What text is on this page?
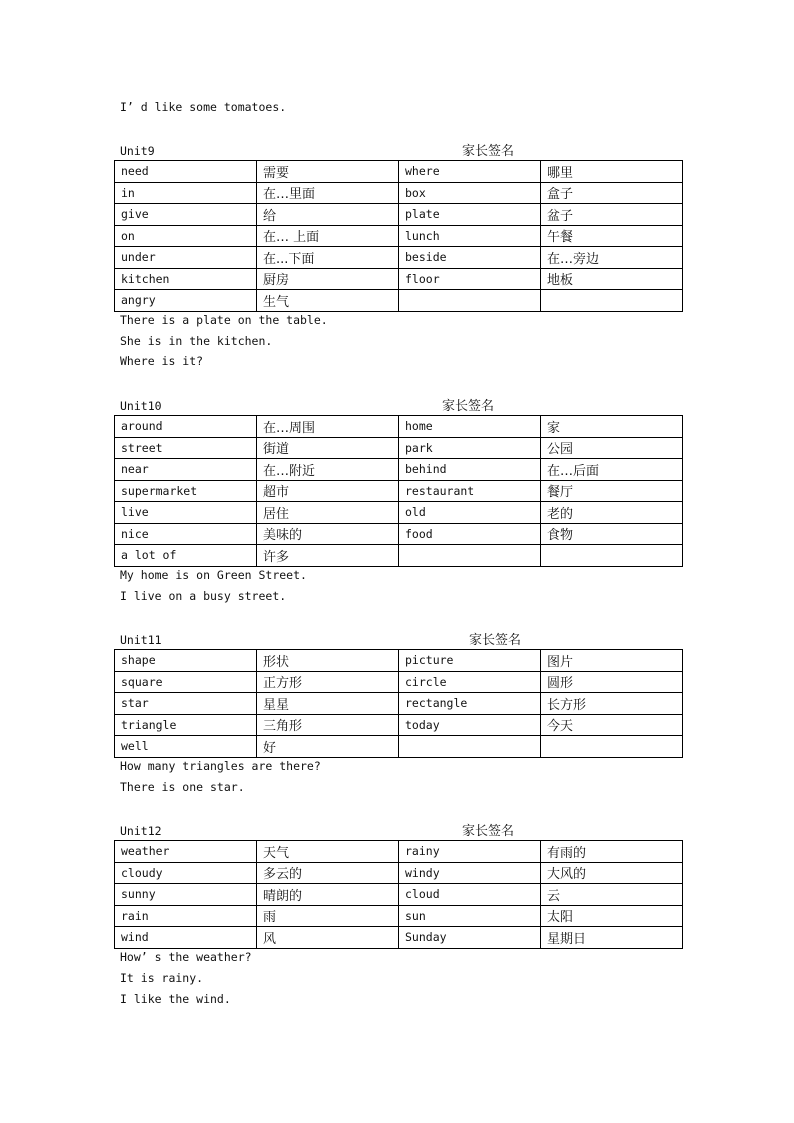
I’ d like some tomatoes.
Unit9	家长签名
need	需要	where	哪里
in	在…里面	box	盒子
give	给	plate	盆子
on	在… 上面	lunch	午餐
under	在...下面	beside	在…旁边
kitchen	厨房	floor	地板
angry	生气		
There is a plate on the table.
She is in the kitchen.
Where is it?
Unit10	家长签名
around	在…周围	home	家
street	街道	park	公园
near	在…附近	behind	在…后面
supermarket	超市	restaurant	餐厅
live	居住	old	老的
nice	美味的	food	食物
a lot of	许多		
My home is on Green Street.
I live on a busy street.
Unit11	家长签名
shape	形状	picture	图片
square	正方形	circle	圆形
star	星星	rectangle	长方形
triangle	三角形	today	今天
well	好		
How many triangles are there?
There is one star.
Unit12	家长签名
weather	天气	rainy	有雨的
cloudy	多云的	windy	大风的
sunny	晴朗的	cloud	云
rain	雨	sun	太阳
wind	风	Sunday	星期日
How’ s the weather?
It is rainy.
I like the wind.
